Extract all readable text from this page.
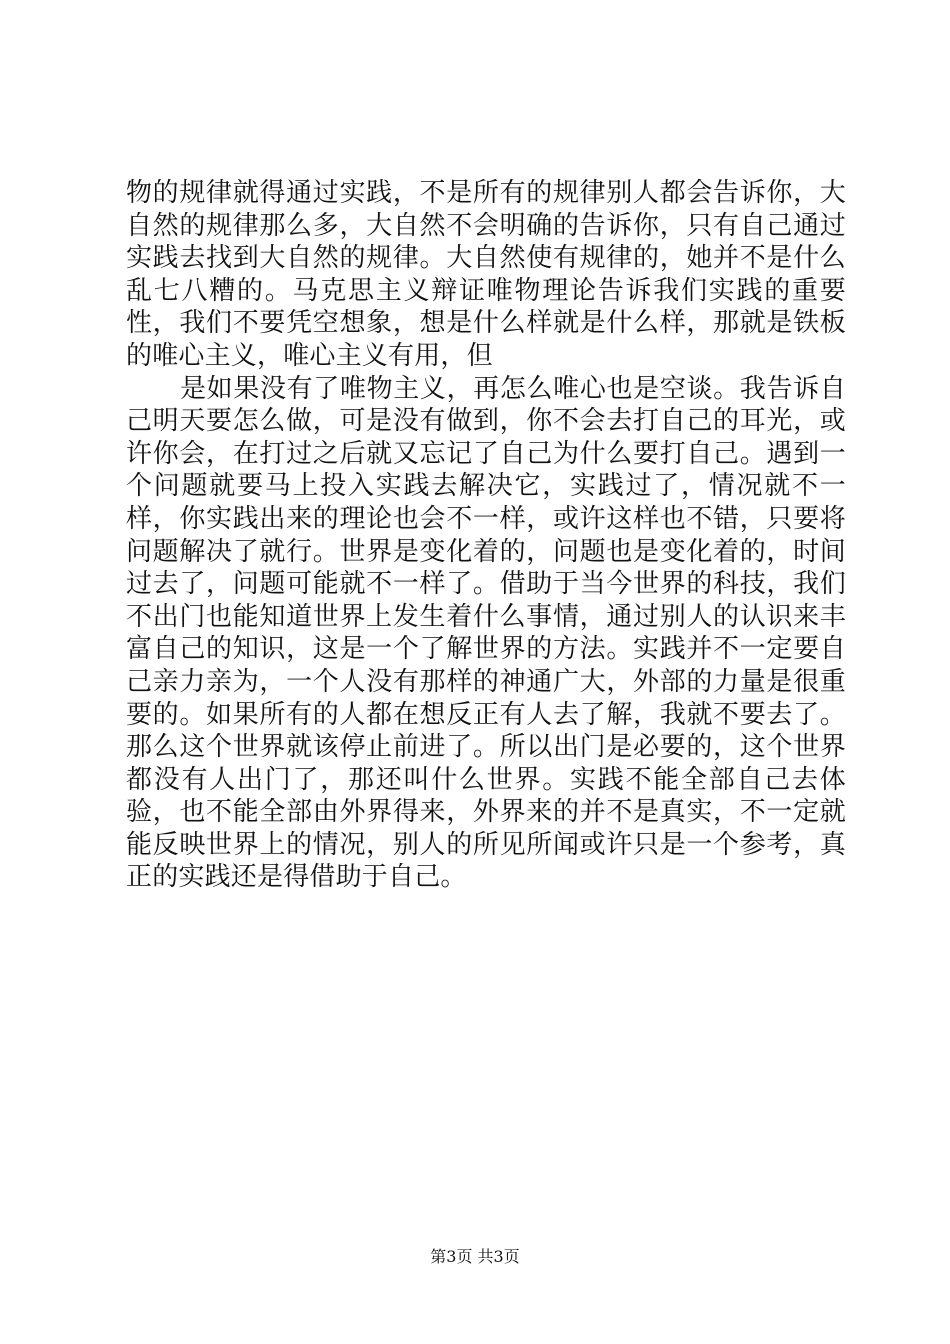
物的规律就得通过实践，不是所有的规律别人都会告诉你，大自然的规律那么多，大自然不会明确的告诉你，只有自己通过实践去找到大自然的规律。大自然使有规律的，她并不是什么乱七八糟的。马克思主义辩证唯物理论告诉我们实践的重要性，我们不要凭空想象，想是什么样就是什么样，那就是铁板的唯心主义，唯心主义有用，但

是如果没有了唯物主义，再怎么唯心也是空谈。我告诉自己明天要怎么做，可是没有做到，你不会去打自己的耳光，或许你会，在打过之后就又忘记了自己为什么要打自己。遇到一个问题就要马上投入实践去解决它，实践过了，情况就不一样，你实践出来的理论也会不一样，或许这样也不错，只要将问题解决了就行。世界是变化着的，问题也是变化着的，时间过去了，问题可能就不一样了。借助于当今世界的科技，我们不出门也能知道世界上发生着什么事情，通过别人的认识来丰富自己的知识，这是一个了解世界的方法。实践并不一定要自己亲力亲为，一个人没有那样的神通广大，外部的力量是很重要的。如果所有的人都在想反正有人去了解，我就不要去了。那么这个世界就该停止前进了。所以出门是必要的，这个世界都没有人出门了，那还叫什么世界。实践不能全部自己去体验，也不能全部由外界得来，外界来的并不是真实，不一定就能反映世界上的情况，别人的所见所闻或许只是一个参考，真正的实践还是得借助于自己。

第3页 共3页
